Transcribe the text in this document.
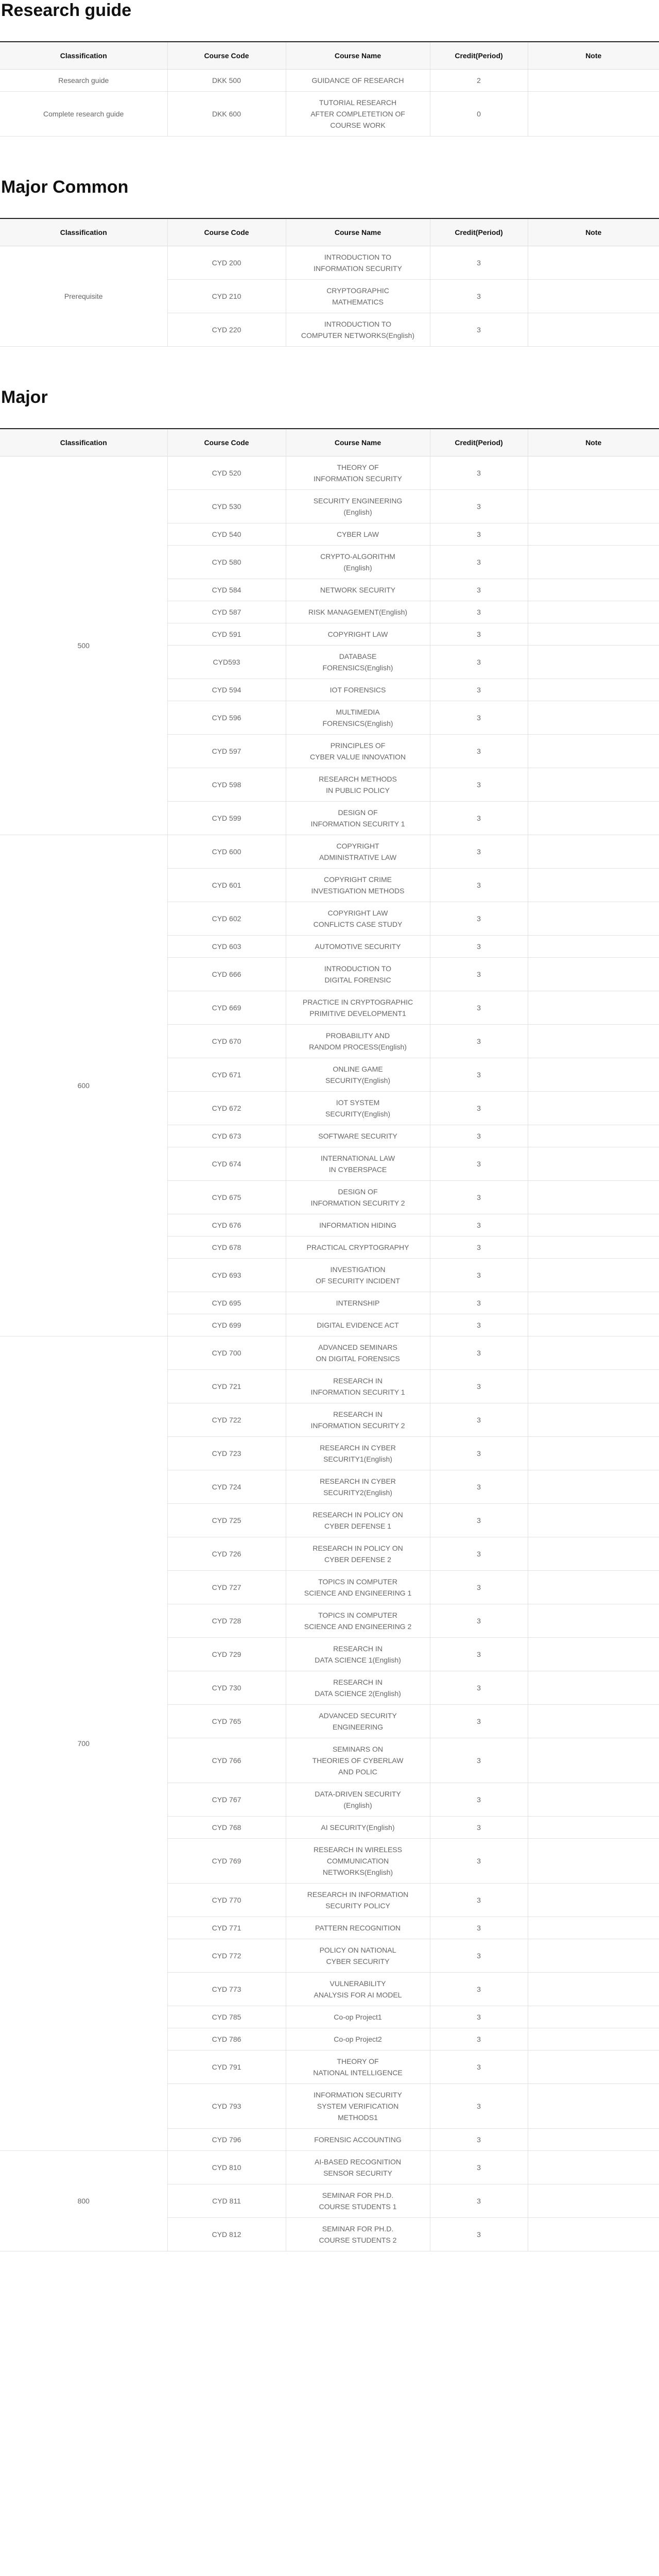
Research guide
Classification	Course Code	Course Name	Credit(Period)	Note
Research guide	DKK 500	GUIDANCE OF RESEARCH	2	
Complete research guide	DKK 600	TUTORIAL RESEARCH
AFTER COMPLETETION OF
COURSE WORK	0	
Major Common
Classification	Course Code	Course Name	Credit(Period)	Note
Prerequisite	CYD 200	INTRODUCTION TO
INFORMATION SECURITY	3	
	CYD 210	CRYPTOGRAPHIC
MATHEMATICS	3	
	CYD 220	INTRODUCTION TO
COMPUTER NETWORKS(English)	3	
Major
Classification	Course Code	Course Name	Credit(Period)	Note
500	CYD 520	THEORY OF
INFORMATION SECURITY	3	
	CYD 530	SECURITY ENGINEERING
(English)	3	
	CYD 540	CYBER LAW	3	
	CYD 580	CRYPTO-ALGORITHM
(English)	3	
	CYD 584	NETWORK SECURITY	3	
	CYD 587	RISK MANAGEMENT(English)	3	
	CYD 591	COPYRIGHT LAW	3	
	CYD593	DATABASE
FORENSICS(English)	3	
	CYD 594	IOT FORENSICS	3	
	CYD 596	MULTIMEDIA
FORENSICS(English)	3	
	CYD 597	PRINCIPLES OF
CYBER VALUE INNOVATION	3	
	CYD 598	RESEARCH METHODS
IN PUBLIC POLICY	3	
	CYD 599	DESIGN OF
INFORMATION SECURITY 1	3	
600	CYD 600	COPYRIGHT
ADMINISTRATIVE LAW	3	
	CYD 601	COPYRIGHT CRIME
INVESTIGATION METHODS	3	
	CYD 602	COPYRIGHT LAW
CONFLICTS CASE STUDY	3	
	CYD 603	AUTOMOTIVE SECURITY	3	
	CYD 666	INTRODUCTION TO
DIGITAL FORENSIC	3	
	CYD 669	PRACTICE IN CRYPTOGRAPHIC
PRIMITIVE DEVELOPMENT1	3	
	CYD 670	PROBABILITY AND
RANDOM PROCESS(English)	3	
	CYD 671	ONLINE GAME
SECURITY(English)	3	
	CYD 672	IOT SYSTEM
SECURITY(English)	3	
	CYD 673	SOFTWARE SECURITY	3	
	CYD 674	INTERNATIONAL LAW
IN CYBERSPACE	3	
	CYD 675	DESIGN OF
INFORMATION SECURITY 2	3	
	CYD 676	INFORMATION HIDING	3	
	CYD 678	PRACTICAL CRYPTOGRAPHY	3	
	CYD 693	INVESTIGATION
OF SECURITY INCIDENT	3	
	CYD 695	INTERNSHIP	3	
	CYD 699	DIGITAL EVIDENCE ACT	3	
700	CYD 700	ADVANCED SEMINARS
ON DIGITAL FORENSICS	3	
	CYD 721	RESEARCH IN
INFORMATION SECURITY 1	3	
	CYD 722	RESEARCH IN
INFORMATION SECURITY 2	3	
	CYD 723	RESEARCH IN CYBER
SECURITY1(English)	3	
	CYD 724	RESEARCH IN CYBER
SECURITY2(English)	3	
	CYD 725	RESEARCH IN POLICY ON
CYBER DEFENSE 1	3	
	CYD 726	RESEARCH IN POLICY ON
CYBER DEFENSE 2	3	
	CYD 727	TOPICS IN COMPUTER
SCIENCE AND ENGINEERING 1	3	
	CYD 728	TOPICS IN COMPUTER
SCIENCE AND ENGINEERING 2	3	
	CYD 729	RESEARCH IN
DATA SCIENCE 1(English)	3	
	CYD 730	RESEARCH IN
DATA SCIENCE 2(English)	3	
	CYD 765	ADVANCED SECURITY
ENGINEERING	3	
	CYD 766	SEMINARS ON
THEORIES OF CYBERLAW
AND POLIC	3	
	CYD 767	DATA-DRIVEN SECURITY
(English)	3	
	CYD 768	AI SECURITY(English)	3	
	CYD 769	RESEARCH IN WIRELESS
COMMUNICATION
NETWORKS(English)	3	
	CYD 770	RESEARCH IN INFORMATION
SECURITY POLICY	3	
	CYD 771	PATTERN RECOGNITION	3	
	CYD 772	POLICY ON NATIONAL
CYBER SECURITY	3	
	CYD 773	VULNERABILITY
ANALYSIS FOR AI MODEL	3	
	CYD 785	Co-op Project1	3	
	CYD 786	Co-op Project2	3	
	CYD 791	THEORY OF
NATIONAL INTELLIGENCE	3	
	CYD 793	INFORMATION SECURITY
SYSTEM VERIFICATION
METHODS1	3	
	CYD 796	FORENSIC ACCOUNTING	3	
800	CYD 810	AI-BASED RECOGNITION
SENSOR SECURITY	3	
	CYD 811	SEMINAR FOR PH.D.
COURSE STUDENTS 1	3	
	CYD 812	SEMINAR FOR PH.D.
COURSE STUDENTS 2	3	
